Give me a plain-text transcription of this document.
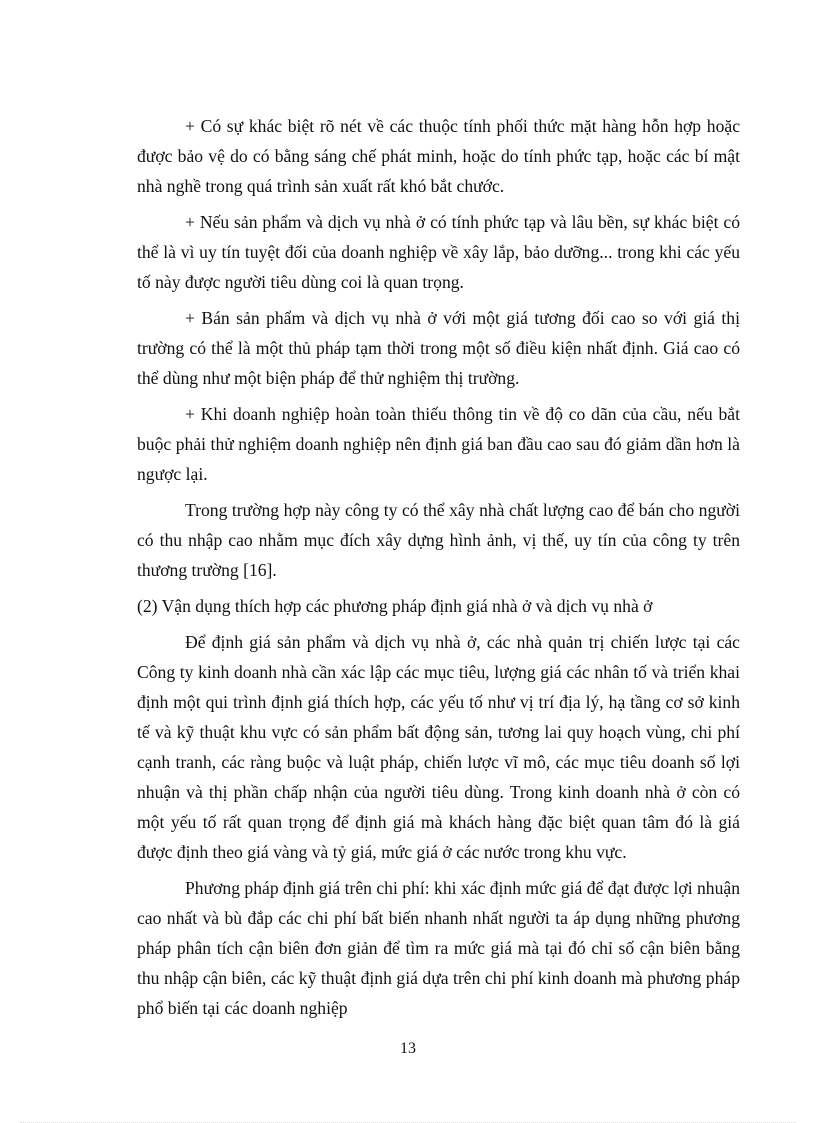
+ Có sự khác biệt rõ nét về các thuộc tính phối thức mặt hàng hỗn hợp hoặc được bảo vệ do có bằng sáng chế phát minh, hoặc do tính phức tạp, hoặc các bí mật nhà nghề trong quá trình sản xuất rất khó bắt chước.

+ Nếu sản phẩm và dịch vụ nhà ở có tính phức tạp và lâu bền, sự khác biệt có thể là vì uy tín tuyệt đối của doanh nghiệp về xây lắp, bảo dưỡng... trong khi các yếu tố này được người tiêu dùng coi là quan trọng.

+ Bán sản phẩm và dịch vụ nhà ở với một giá tương đối cao so với giá thị trường có thể là một thủ pháp tạm thời trong một số điều kiện nhất định. Giá cao có thể dùng như một biện pháp để thử nghiệm thị trường.

+ Khi doanh nghiệp hoàn toàn thiếu thông tin về độ co dãn của cầu, nếu bắt buộc phải thử nghiệm doanh nghiệp nên định giá ban đầu cao sau đó giảm dần hơn là ngược lại.

Trong trường hợp này công ty có thể xây nhà chất lượng cao để bán cho người có thu nhập cao nhằm mục đích xây dựng hình ảnh, vị thế, uy tín của công ty trên thương trường [16].

(2) Vận dụng thích hợp các phương pháp định giá nhà ở và dịch vụ nhà ở

Để định giá sản phẩm và dịch vụ nhà ở, các nhà quản trị chiến lược tại các Công ty kinh doanh nhà cần xác lập các mục tiêu, lượng giá các nhân tố và triển khai định một qui trình định giá thích hợp, các yếu tố như vị trí địa lý, hạ tầng cơ sở kinh tế và kỹ thuật khu vực có sản phẩm bất động sản, tương lai quy hoạch vùng, chi phí cạnh tranh, các ràng buộc và luật pháp, chiến lược vĩ mô, các mục tiêu doanh số lợi nhuận và thị phần chấp nhận của người tiêu dùng. Trong kinh doanh nhà ở còn có một yếu tố rất quan trọng để định giá mà khách hàng đặc biệt quan tâm đó là giá được định theo giá vàng và tỷ giá, mức giá ở các nước trong khu vực.

Phương pháp định giá trên chi phí: khi xác định mức giá để đạt được lợi nhuận cao nhất và bù đắp các chi phí bất biến nhanh nhất người ta áp dụng những phương pháp phân tích cận biên đơn giản để tìm ra mức giá mà tại đó chỉ số cận biên bằng thu nhập cận biên, các kỹ thuật định giá dựa trên chi phí kinh doanh mà phương pháp phổ biến tại các doanh nghiệp

13
